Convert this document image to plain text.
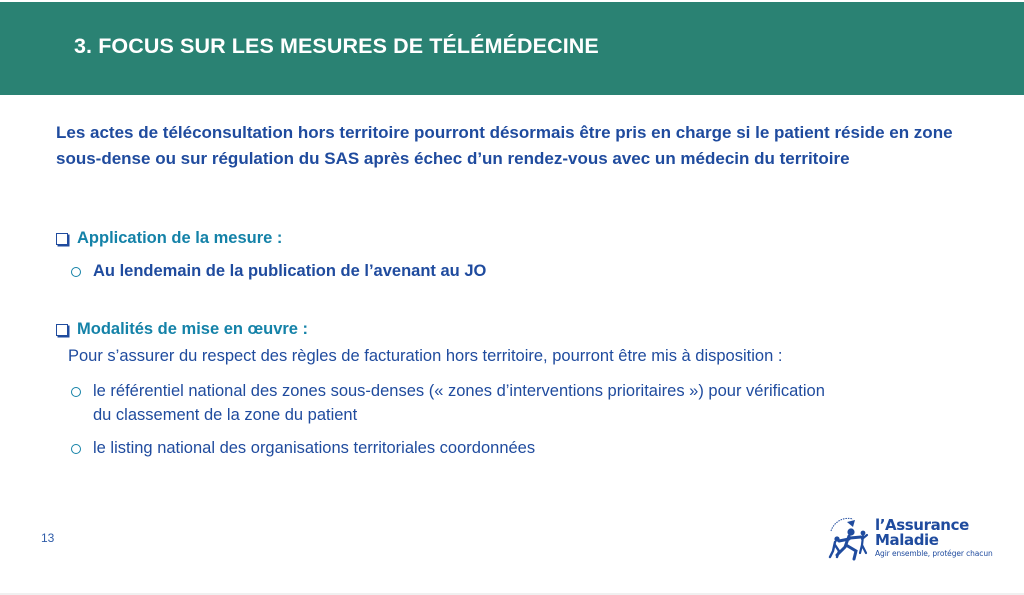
3. FOCUS SUR LES MESURES DE TÉLÉMÉDECINE
Les actes de téléconsultation hors territoire pourront désormais être pris en charge si le patient réside en zone sous-dense ou sur régulation du SAS après échec d’un rendez-vous avec un médecin du territoire
Application de la mesure :
Au lendemain de la publication de l’avenant au JO
Modalités de mise en œuvre :
Pour s’assurer du respect des règles de facturation hors territoire, pourront être mis à disposition :
le référentiel national des zones sous-denses (« zones d’interventions prioritaires ») pour vérification
du classement de la zone du patient
le listing national des organisations territoriales coordonnées
13
l’Assurance
Maladie
Agir ensemble, protéger chacun
